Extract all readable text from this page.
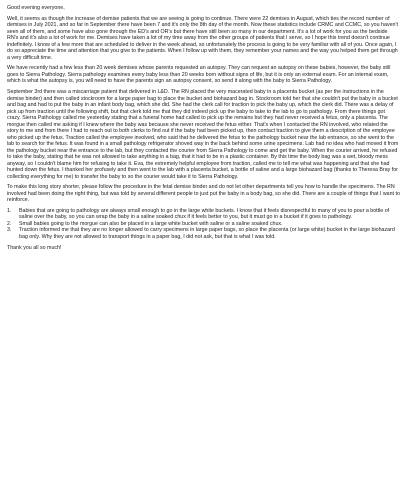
Good evening everyone,

Well, it seems as though the increase of demise patients that we are seeing is going to continue. There were 22 demises in August, which ties the record number of demises in July 2021, and so far in September there have been 7 and it's only the 8th day of the month. Now these statistics include CRMC and CCMC, so you haven't seen all of them, and some have also gone through the ED's and OR's but there have still been so many in our department. It's a lot of work for you as the bedside RN's and it's also a lot of work for me. Demises have taken a lot of my time away from the other groups of patients that I serve, so I hope this trend doesn't continue indefinitely. I know of a few more that are scheduled to deliver in the week ahead, so unfortunately the process is going to be very familiar with all of you. Once again, I do so appreciate the time and attention that you give to the patients. When I follow up with them, they remember your names and the way you helped them get through a very difficult time.

We have recently had a few less than 20 week demises whose parents requested an autopsy. They can request an autopsy on these babies, however, the baby still goes to Sierra Pathology. Sierra pathology examines every baby less than 20 weeks born without signs of life, but it is only an external exam. For an internal exam, which is what the autopsy is, you will need to have the parents sign an autopsy consent, so send it along with the baby to Sierra Pathology.

September 3rd there was a miscarriage patient that delivered in L&D. The RN placed the very macerated baby in a placenta bucket (as per the instructions in the demise binder) and then called stockroom for a large paper bag to place the bucket and biohazard bag in. Stockroom told her that she couldn't put the baby in a bucket and bag and had to put the baby in an infant body bag, which she did. She had the clerk call for traction to pick the baby up, which the clerk did. There was a delay of pick up from traction until the following shift, but that clerk told me that they did indeed pick up the baby to take to the lab to go to pathology. From there things got crazy. Sierra Pathology called me yesterday stating that a funeral home had called to pick up the remains but they had never received a fetus, only a placenta. The morgue then called me asking if I knew where the baby was because she never received the fetus either. That's when I contacted the RN involved, who related the story to me and from there I had to reach out to both clerks to find out if the baby had been picked up, then contact traction to give them a description of the employee who picked up the fetus. Traction called the employee involved, who said that he delivered the fetus to the pathology bucket near the lab entrance, so she went to the lab to search for the fetus. It was found in a small pathology refrigerator shoved way in the back behind some urine specimens. Lab had no idea who had moved it from the pathology bucket near the entrance to the lab, but they contacted the courier from Sierra Pathology to come and get the baby. When the courier arrived, he refused to take the baby, stating that he was not allowed to take anything in a bag, that it had to be in a plastic container. By this time the body bag was a wet, bloody mess anyway, so I couldn't blame him for refusing to take it. Eva, the extremely helpful employee from traction, called me to tell me what was happening and that she had hunted down the fetus. I thanked her profusely and then went to the lab with a placenta bucket, a bottle of saline and a large biohazard bag (thanks to Theresa Bray for collecting everything for me) to transfer the baby to so the courier would take it to Sierra Pathology.

To make this long story shorter, please follow the procedure in the fetal demise binder and do not let other departments tell you how to handle the specimens. The RN involved had been doing the right thing, but was told by several different people to just put the baby in a body bag, so she did. There are a couple of things that I want to reinforce.

1.	Babies that are going to pathology are always small enough to go in the large white buckets. I know that it feels disrespectful to many of you to pour a bottle of saline over the baby, so you can wrap the baby in a saline soaked chux if it feels better to you, but it must go in a bucket if it goes to pathology.
2.	Small babies going to the morgue can also be placed in a large white bucket with saline or a saline soaked chux.
3.	Traction informed me that they are no longer allowed to carry specimens in large paper bags, so place the placenta (or large white) bucket in the large biohazard bag only. Why they are not allowed to transport things in a paper bag, I did not ask, but that is what I was told.

Thank you all so much!
